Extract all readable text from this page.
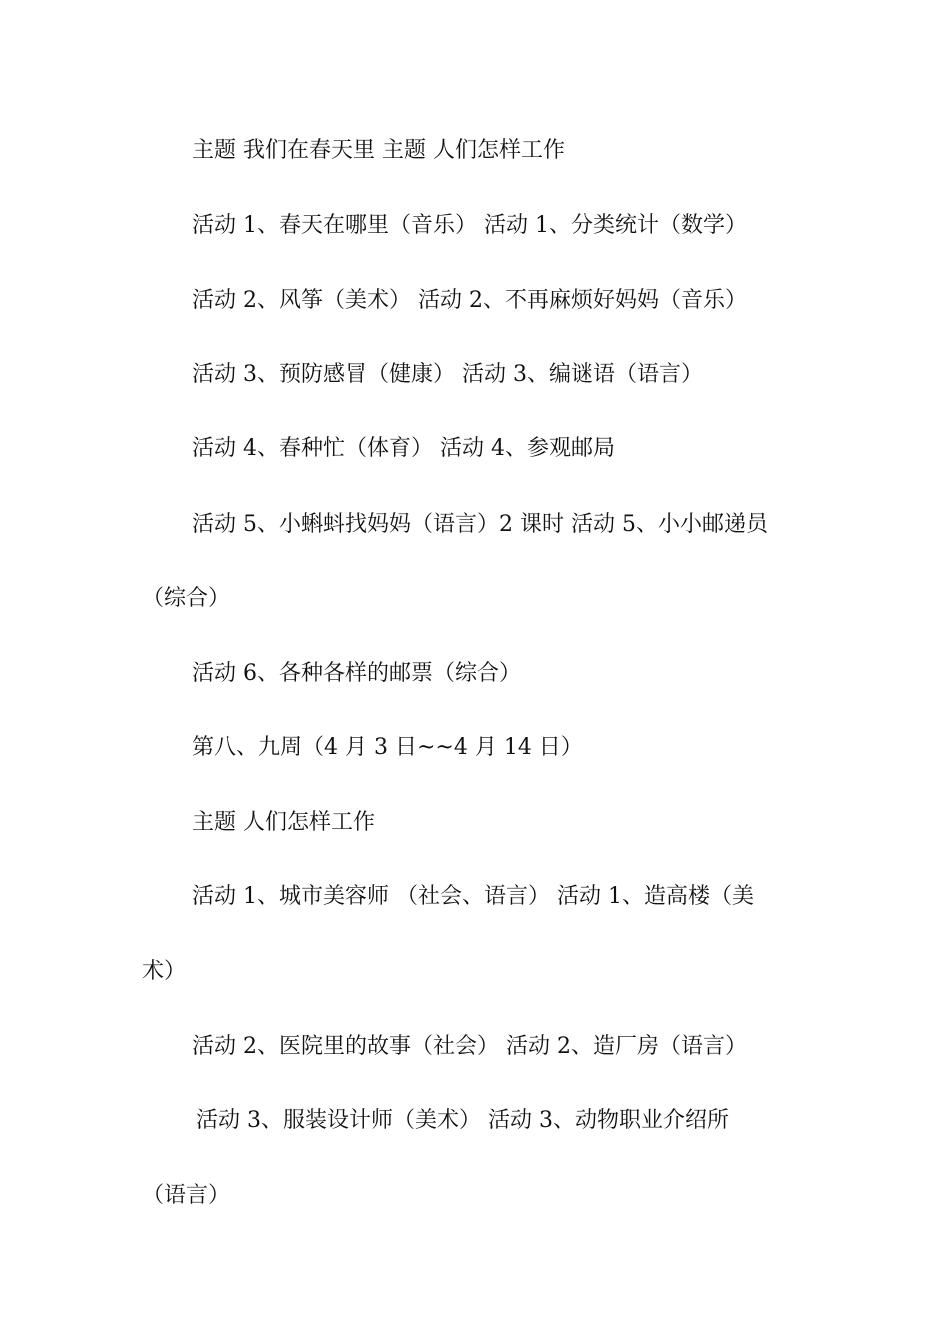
主题 我们在春天里 主题 人们怎样工作

活动 1、春天在哪里（音乐） 活动 1、分类统计（数学）

活动 2、风筝（美术） 活动 2、不再麻烦好妈妈（音乐）

活动 3、预防感冒（健康） 活动 3、编谜语（语言）

活动 4、春种忙（体育） 活动 4、参观邮局

活动 5、小蝌蚪找妈妈（语言）2 课时 活动 5、小小邮递员

（综合）

活动 6、各种各样的邮票（综合）

第八、九周（4 月 3 日~~4 月 14 日）

主题 人们怎样工作

活动 1、城市美容师 （社会、语言） 活动 1、造高楼（美

术）

活动 2、医院里的故事（社会） 活动 2、造厂房（语言）

活动 3、服装设计师（美术） 活动 3、动物职业介绍所

（语言）
